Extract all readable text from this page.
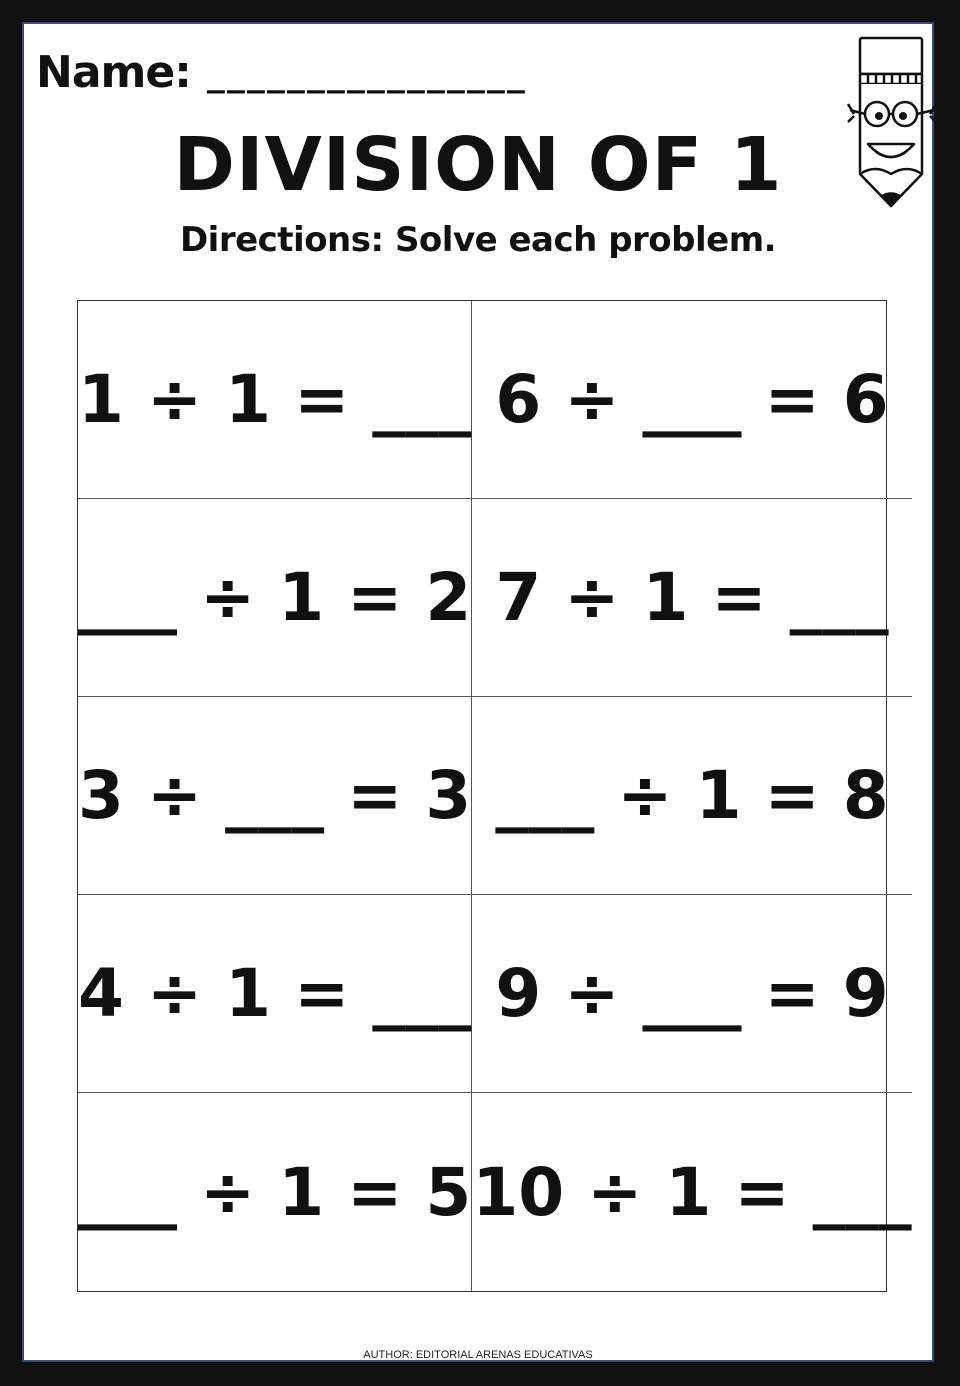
Name: ________________
DIVISION OF 1
Directions: Solve each problem.
1 ÷ 1 = ___ 6 ÷ ___ = 6
___ ÷ 1 = 2 7 ÷ 1 = ___
3 ÷ ___ = 3 ___ ÷ 1 = 8
4 ÷ 1 = ___ 9 ÷ ___ = 9
___ ÷ 1 = 5 10 ÷ 1 = ___
AUTHOR: EDITORIAL ARENAS EDUCATIVAS
